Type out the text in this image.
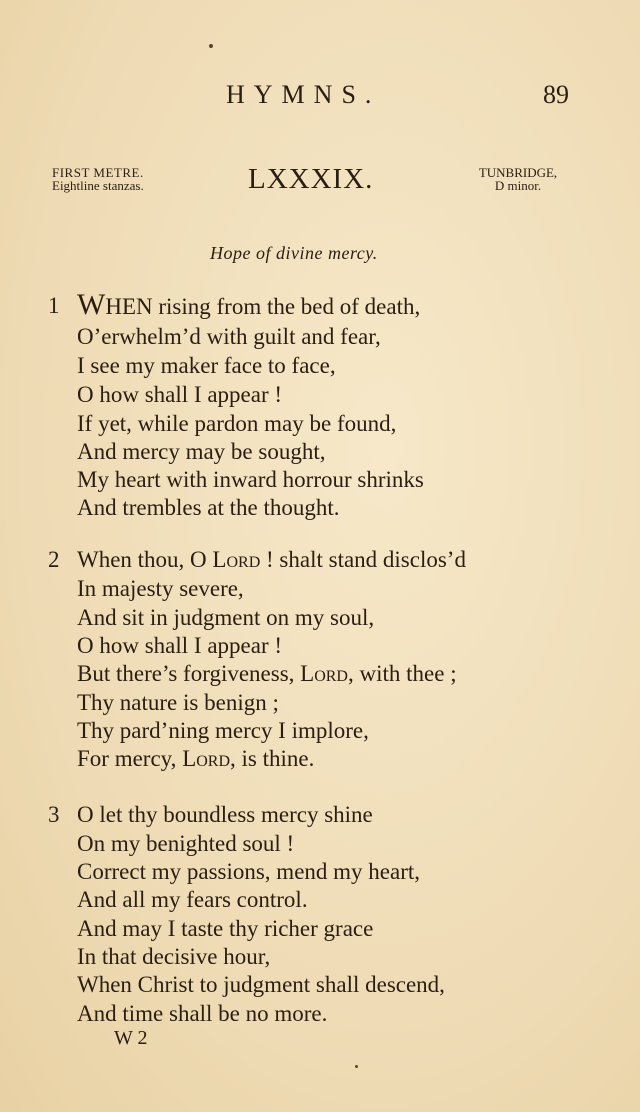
HYMNS.	89
FIRST METRE.
Eightline stanzas.	LXXXIX.	TUNBRIDGE,
D minor.
Hope of divine mercy.
1 WHEN rising from the bed of death,
O’erwhelm’d with guilt and fear,
I see my maker face to face,
O how shall I appear !
If yet, while pardon may be found,
And mercy may be sought,
My heart with inward horrour shrinks
And trembles at the thought.
2 When thou, O Lord ! shalt stand disclos’d
In majesty severe,
And sit in judgment on my soul,
O how shall I appear !
But there’s forgiveness, Lord, with thee ;
Thy nature is benign ;
Thy pard’ning mercy I implore,
For mercy, Lord, is thine.
3 O let thy boundless mercy shine
On my benighted soul !
Correct my passions, mend my heart,
And all my fears control.
And may I taste thy richer grace
In that decisive hour,
When Christ to judgment shall descend,
And time shall be no more.
W 2
